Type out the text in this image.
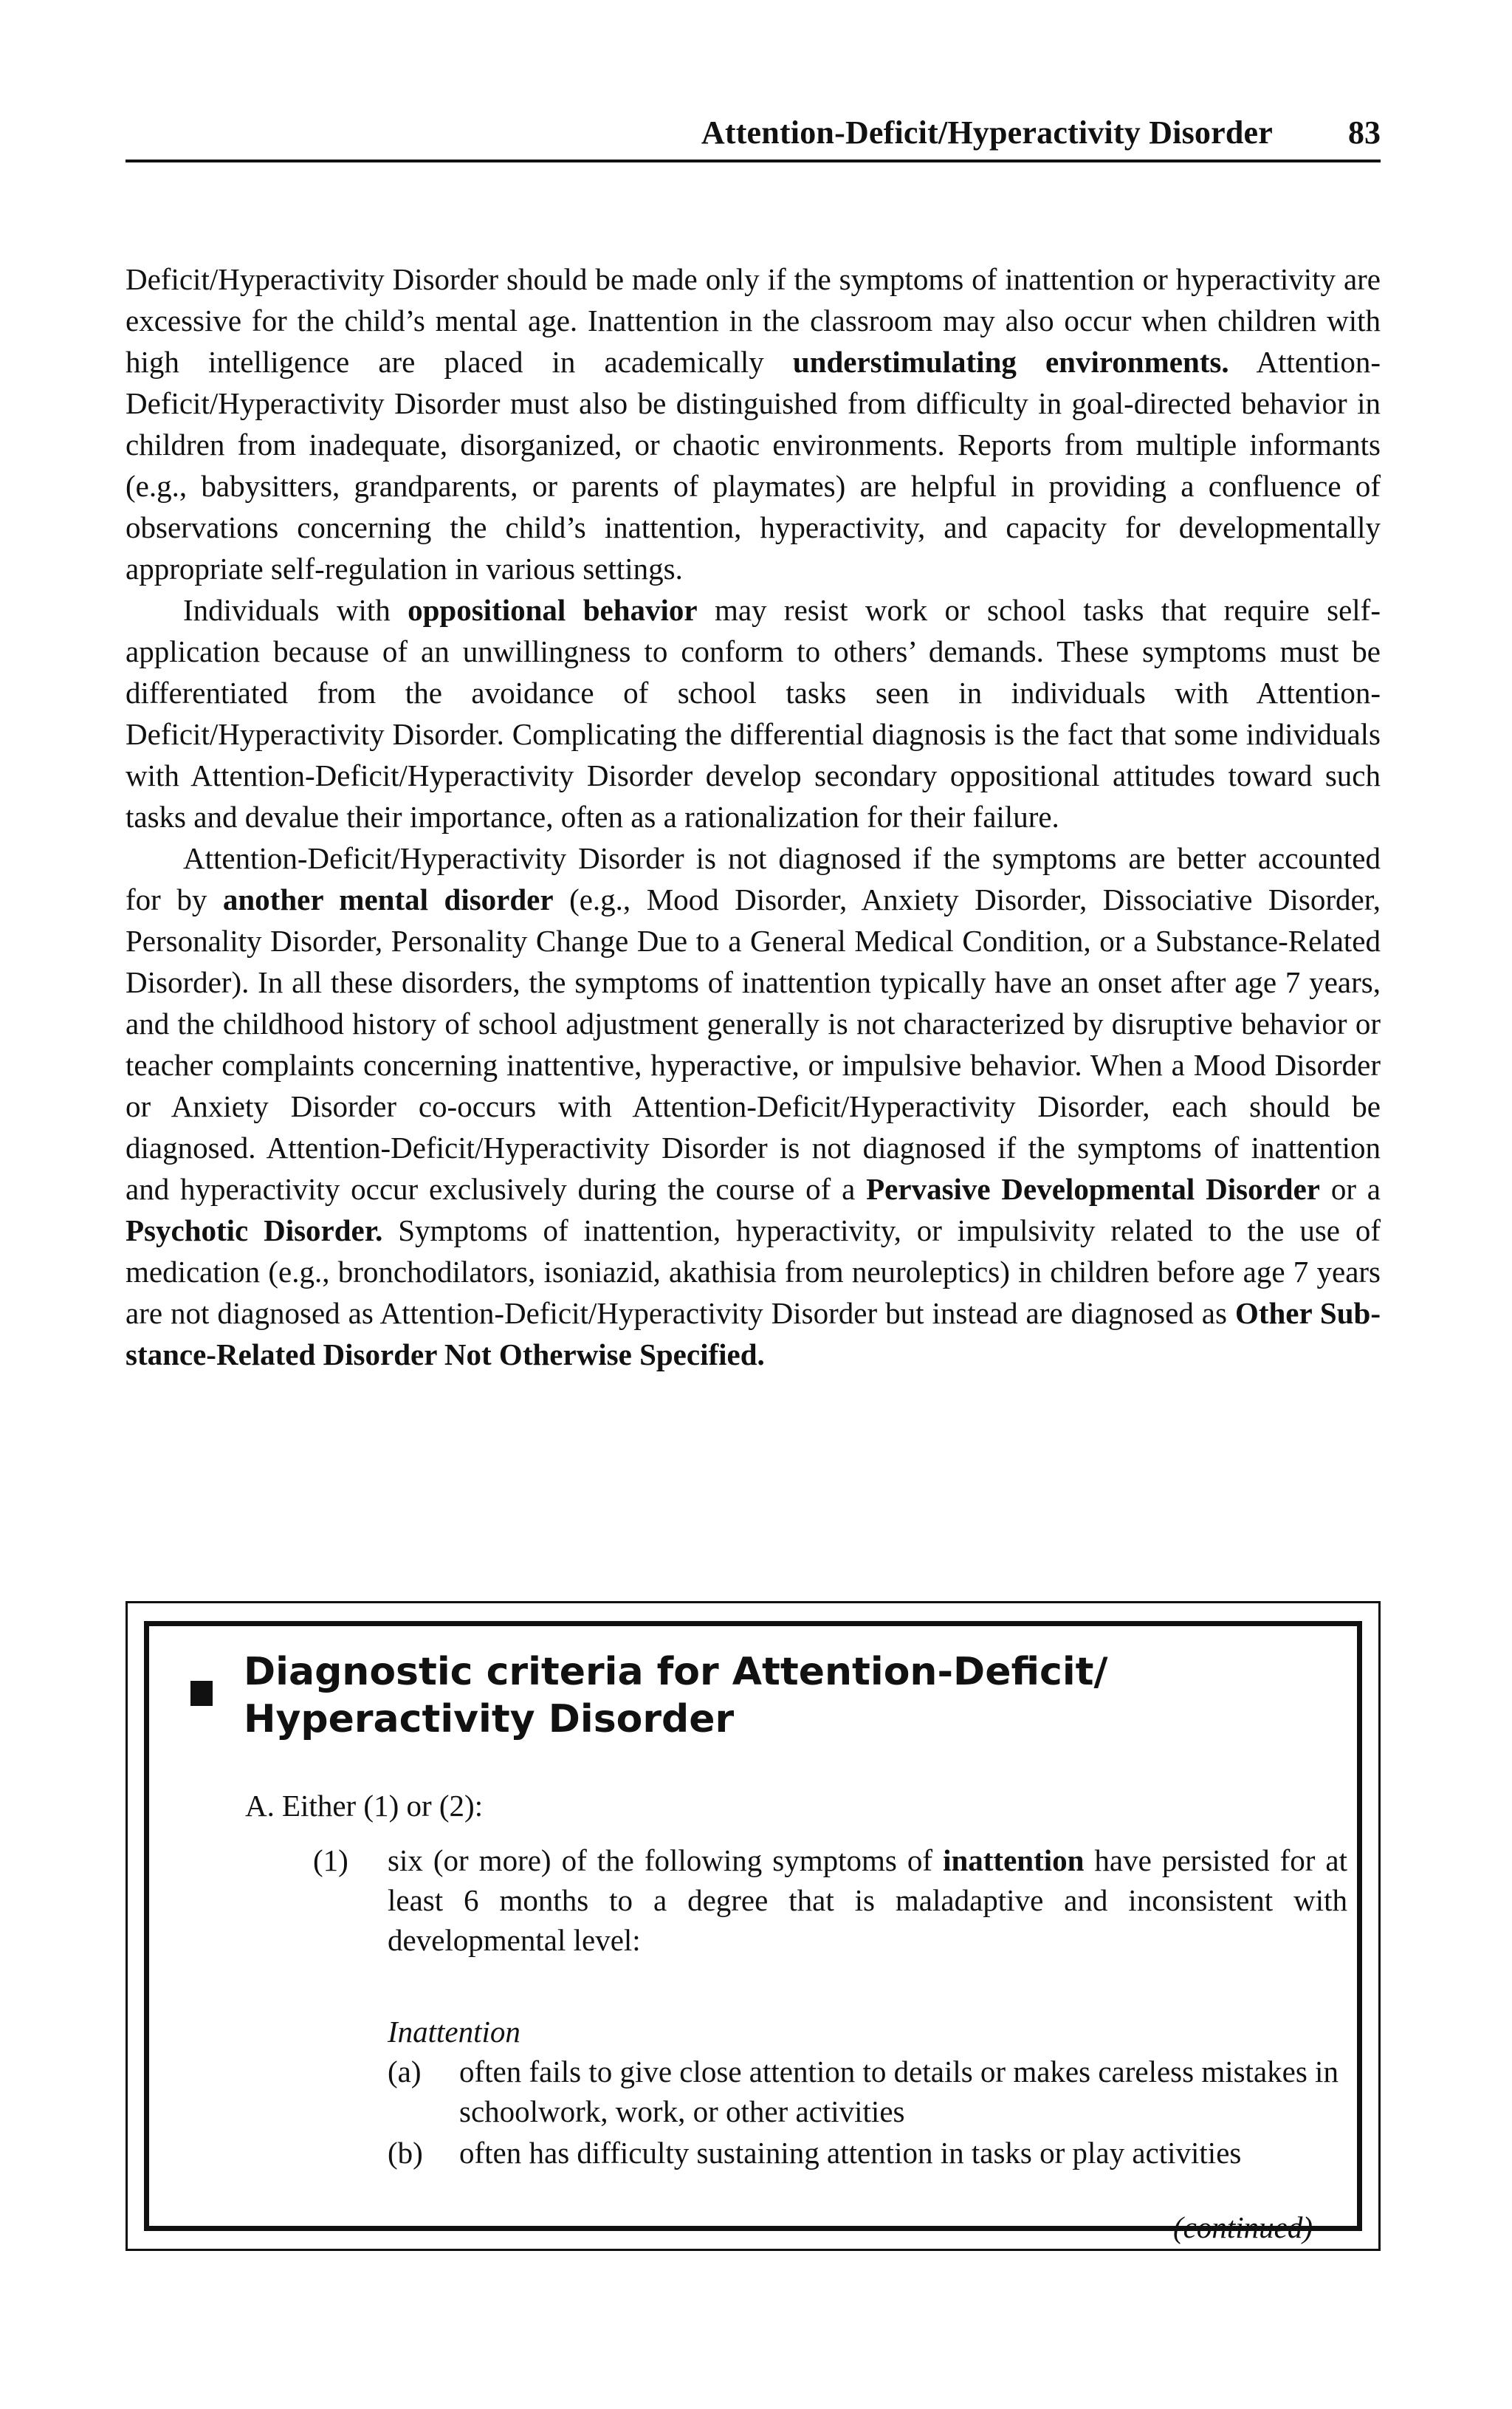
Attention-Deficit/Hyperactivity Disorder 83

Deficit/Hyperactivity Disorder should be made only if the symptoms of inattention or hyperactivity are excessive for the child’s mental age. Inattention in the classroom may also occur when children with high intelligence are placed in academically understimulating environments. Attention-Deficit/Hyperactivity Disorder must also be distinguished from difficulty in goal-directed behavior in children from inadequate, disorganized, or chaotic environments. Reports from multiple informants (e.g., babysitters, grandparents, or parents of playmates) are helpful in providing a confluence of observations concerning the child’s inattention, hyperactivity, and capacity for developmentally appropriate self-regulation in various settings.

Individuals with oppositional behavior may resist work or school tasks that require self-application because of an unwillingness to conform to others’ demands. These symptoms must be differentiated from the avoidance of school tasks seen in individuals with Attention-Deficit/Hyperactivity Disorder. Complicating the differential diagnosis is the fact that some individuals with Attention-Deficit/Hyperactivity Disorder develop secondary oppositional attitudes toward such tasks and devalue their importance, often as a rationalization for their failure.

Attention-Deficit/Hyperactivity Disorder is not diagnosed if the symptoms are better accounted for by another mental disorder (e.g., Mood Disorder, Anxiety Disorder, Dissociative Disorder, Personality Disorder, Personality Change Due to a General Medical Condition, or a Substance-Related Disorder). In all these disorders, the symptoms of inattention typically have an onset after age 7 years, and the childhood history of school adjustment generally is not characterized by disruptive behavior or teacher complaints concerning inattentive, hyperactive, or impulsive behavior. When a Mood Disorder or Anxiety Disorder co-occurs with Attention-Deficit/Hyperactivity Disorder, each should be diagnosed. Attention-Deficit/Hyperactivity Disorder is not diagnosed if the symptoms of inattention and hyperactivity occur exclusively during the course of a Pervasive Developmental Disorder or a Psychotic Disorder. Symptoms of inattention, hyperactivity, or impulsivity related to the use of medication (e.g., bronchodilators, isoniazid, akathisia from neuroleptics) in children before age 7 years are not diagnosed as Attention-Deficit/Hyperactivity Disorder but instead are diagnosed as Other Substance-Related Disorder Not Otherwise Specified.

Diagnostic criteria for Attention-Deficit/
Hyperactivity Disorder
A. Either (1) or (2):
(1) six (or more) of the following symptoms of inattention have persisted for at least 6 months to a degree that is maladaptive and inconsistent with developmental level:
Inattention
(a) often fails to give close attention to details or makes careless mistakes in schoolwork, work, or other activities
(b) often has difficulty sustaining attention in tasks or play activities
(continued)
